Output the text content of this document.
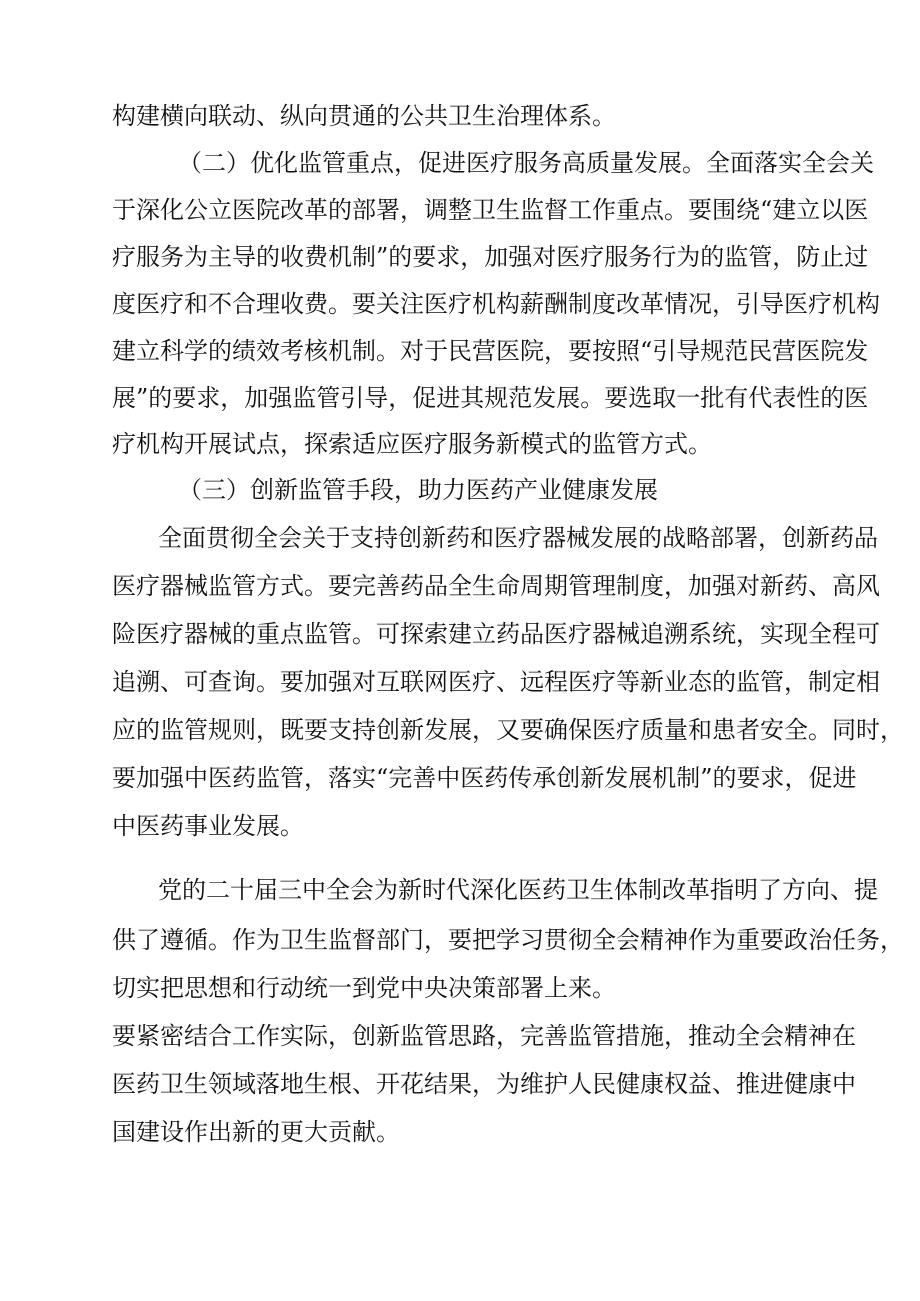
构建横向联动、纵向贯通的公共卫生治理体系。
（二）优化监管重点，促进医疗服务高质量发展。全面落实全会关
于深化公立医院改革的部署，调整卫生监督工作重点。要围绕“建立以医
疗服务为主导的收费机制”的要求，加强对医疗服务行为的监管，防止过
度医疗和不合理收费。要关注医疗机构薪酬制度改革情况，引导医疗机构
建立科学的绩效考核机制。对于民营医院，要按照“引导规范民营医院发
展”的要求，加强监管引导，促进其规范发展。要选取一批有代表性的医
疗机构开展试点，探索适应医疗服务新模式的监管方式。
（三）创新监管手段，助力医药产业健康发展
全面贯彻全会关于支持创新药和医疗器械发展的战略部署，创新药品
医疗器械监管方式。要完善药品全生命周期管理制度，加强对新药、高风
险医疗器械的重点监管。可探索建立药品医疗器械追溯系统，实现全程可
追溯、可查询。要加强对互联网医疗、远程医疗等新业态的监管，制定相
应的监管规则，既要支持创新发展，又要确保医疗质量和患者安全。同时，
要加强中医药监管，落实“完善中医药传承创新发展机制”的要求，促进
中医药事业发展。
党的二十届三中全会为新时代深化医药卫生体制改革指明了方向、提
供了遵循。作为卫生监督部门，要把学习贯彻全会精神作为重要政治任务，
切实把思想和行动统一到党中央决策部署上来。
要紧密结合工作实际，创新监管思路，完善监管措施，推动全会精神在
医药卫生领域落地生根、开花结果，为维护人民健康权益、推进健康中
国建设作出新的更大贡献。
